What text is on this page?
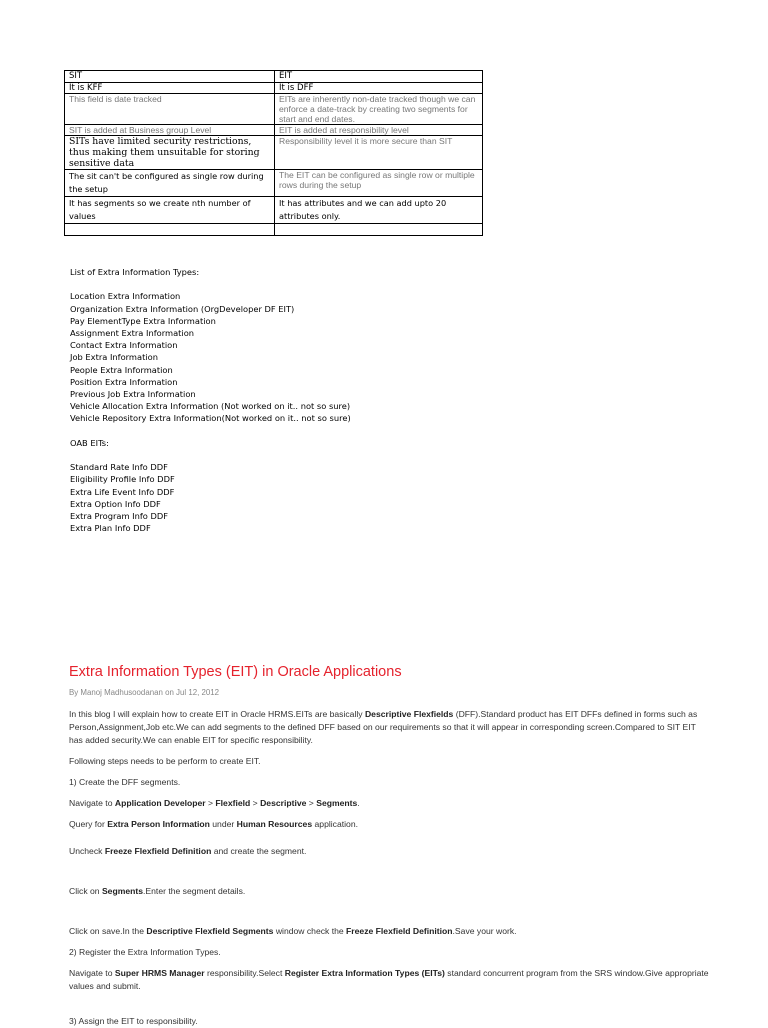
SIT	EIT
It is KFF	It is DFF
This field is date tracked	EITs are inherently non-date tracked though we can enforce a date-track by creating two segments for start and end dates.
SIT is added at Business group Level	EIT is added at responsibility level
SITs have limited security restrictions, thus making them unsuitable for storing sensitive data	Responsibility level it is more secure than SIT
The sit can't be configured as single row during the setup	The EIT can be configured as single row or multiple rows during the setup
It has segments so we create nth number of values	It has attributes and we can add upto 20 attributes only.

List of Extra Information Types:
Location Extra Information
Organization Extra Information (OrgDeveloper DF EIT)
Pay ElementType Extra Information
Assignment Extra Information
Contact Extra Information
Job Extra Information
People Extra Information
Position Extra Information
Previous Job Extra Information
Vehicle Allocation Extra Information (Not worked on it.. not so sure)
Vehicle Repository Extra Information(Not worked on it.. not so sure)
OAB EITs:
Standard Rate Info DDF
Eligibility Profile Info DDF
Extra Life Event Info DDF
Extra Option Info DDF
Extra Program Info DDF
Extra Plan Info DDF
Extra Information Types (EIT) in Oracle Applications
By Manoj Madhusoodanan on Jul 12, 2012

In this blog I will explain how to create EIT in Oracle HRMS.EITs are basically Descriptive Flexfields (DFF).Standard product has EIT DFFs defined in forms such as Person,Assignment,Job etc.We can add segments to the defined DFF based on our requirements so that it will appear in corresponding screen.Compared to SIT EIT has added security.We can enable EIT for specific responsibility.

Following steps needs to be perform to create EIT.

1) Create the DFF segments.

Navigate to Application Developer > Flexfield > Descriptive > Segments.

Query for Extra Person Information under Human Resources application.

Uncheck Freeze Flexfield Definition and create the segment.

Click on Segments.Enter the segment details.

Click on save.In the Descriptive Flexfield Segments window check the Freeze Flexfield Definition.Save your work.

2) Register the Extra Information Types.

Navigate to Super HRMS Manager responsibility.Select Register Extra Information Types (EITs) standard concurrent program from the SRS window.Give appropriate values and submit.

3) Assign the EIT to responsibility.
